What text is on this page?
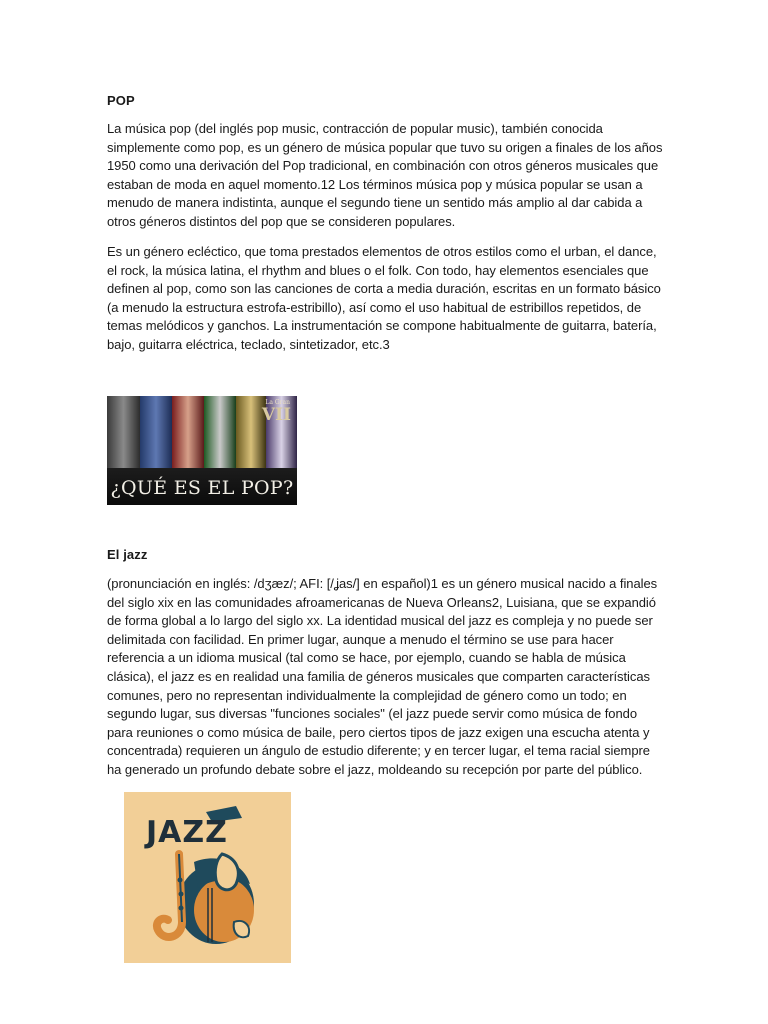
POP

La música pop (del inglés pop music, contracción de popular music), también conocida simplemente como pop, es un género de música popular que tuvo su origen a finales de los años 1950 como una derivación del Pop tradicional, en combinación con otros géneros musicales que estaban de moda en aquel momento.12 Los términos música pop y música popular se usan a menudo de manera indistinta, aunque el segundo tiene un sentido más amplio al dar cabida a otros géneros distintos del pop que se consideren populares.

Es un género ecléctico, que toma prestados elementos de otros estilos como el urban, el dance, el rock, la música latina, el rhythm and blues o el folk. Con todo, hay elementos esenciales que definen al pop, como son las canciones de corta a media duración, escritas en un formato básico (a menudo la estructura estrofa-estribillo), así como el uso habitual de estribillos repetidos, de temas melódicos y ganchos. La instrumentación se compone habitualmente de guitarra, batería, bajo, guitarra eléctrica, teclado, sintetizador, etc.3

La Gran
VII
¿QUÉ ES EL POP?
El jazz

(pronunciación en inglés: /dʒæz/; AFI: [/ʝas/] en español)1 es un género musical nacido a finales del siglo xix en las comunidades afroamericanas de Nueva Orleans2, Luisiana, que se expandió de forma global a lo largo del siglo xx. La identidad musical del jazz es compleja y no puede ser delimitada con facilidad. En primer lugar, aunque a menudo el término se use para hacer referencia a un idioma musical (tal como se hace, por ejemplo, cuando se habla de música clásica), el jazz es en realidad una familia de géneros musicales que comparten características comunes, pero no representan individualmente la complejidad de género como un todo; en segundo lugar, sus diversas "funciones sociales" (el jazz puede servir como música de fondo para reuniones o como música de baile, pero ciertos tipos de jazz exigen una escucha atenta y concentrada) requieren un ángulo de estudio diferente; y en tercer lugar, el tema racial siempre ha generado un profundo debate sobre el jazz, moldeando su recepción por parte del público.

JAZZ
